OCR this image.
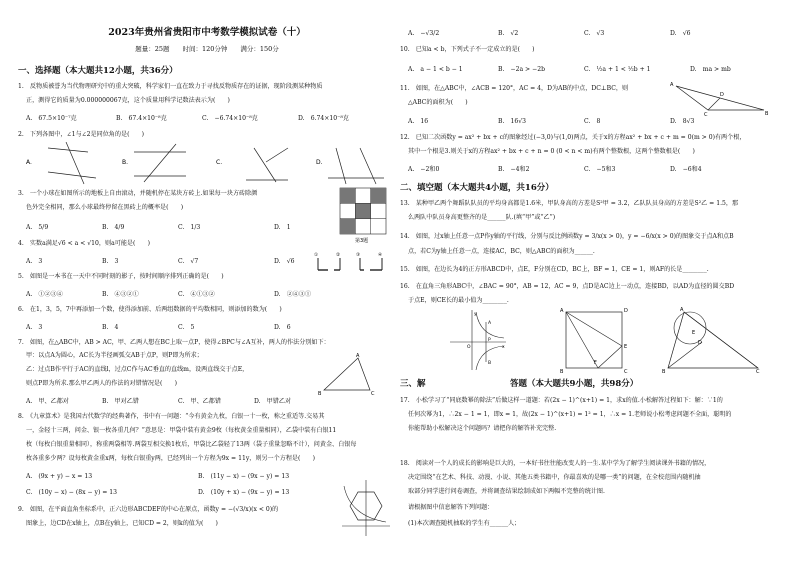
2023年贵州省贵阳市中考数学模拟试卷（十）
题量：25题　　时间：120分钟　　满分：150分
一、选择题（本大题共12小题，共36分）
1.　反物质被誉为当代物理研究中的重大突破，科学家们一直在致力于寻找反物质存在的证据，现阶段测某种物质
正，测得它的质量为0.000000067克，这个质量用科学记数法表示为(　　)
A.　67.5×10⁻⁷克	B.　67.4×10⁻⁸克	C.　−6.74×10⁻⁸克	D.　6.74×10⁻⁸克
2.　下列各图中，∠1与∠2是同位角的是(　　)
A.	B.	C.	D.
3.　一个小球在如图所示的地板上自由滚动，并随机停在某块方砖上.如果每一块方砖除颜
色外完全相同，那么小球最终停留在黑砖上的概率是(　　)
A.　5/9	B.　4/9	C.　1/3	D.　1
第3题
4.　实数a满足√6 < a < √10，则a可能是(　　)
A.　3	B.　3	C.　√7	D.　√6
①	②	③	④
5.　如图是一本书在一天中不同时刻的影子，按时间顺序排列正确的是(　　)
A.　①②③④	B.　④③②①	C.　④①③②	D.　②④③①
6.　在1，3，5，7中再添加一个数，使得添加前、后两组数据的平均数相同，则添加的数为(　　)
A.　3	B.　4	C.　5	D.　6
7.　如图，在△ABC中，AB > AC，甲、乙两人想在BC上取一点P，使得∠BPC与∠A互补，两人的作法分别如下：
甲：以点A为圆心，AC长为半径画弧交AB于点P，则P即为所求；
乙：过点B作平行于AC的直线l，过点C作与AC垂直的直线m，设两直线交于点E，
则点P即为所求.那么甲乙两人的作法的对错情况是(　　)
A.　甲、乙都对	B.　甲对乙错	C.　甲、乙都错	D.　甲错乙对
A
B	C
8.　《九章算术》是我国古代数学的经典著作，书中有一问题：“今有黄金九枚，白银一十一枚，称之重适等.交易其
一，金轻十三两，问金、银一枚各重几何？”意思是：甲袋中装有黄金9枚（每枚黄金重量相同），乙袋中装有白银11
枚（每枚白银重量相同），称重两袋相等.两袋互相交换1枚后，甲袋比乙袋轻了13两（袋子重量忽略不计），问黄金、白银每
枚各重多少两？设每枚黄金重x两，每枚白银重y两，已经列出一个方程为9x = 11y，则另一个方程是(　　)
A.　(9x + y) − x = 13	B.　(11y − x) − (9x − y) = 13
C.　(10y − x) − (8x − y) = 13	D.　(10y + x) − (9x − y) = 13
9.　如图，在平面直角坐标系中，正六边形ABCDEF的中心在原点，函数y = −(√3/x)(x < 0)的
图象上，边CD在x轴上，点B在y轴上，已知CD = 2，则k的值为(　　)
A.　−√3/2	B.　√2	C.　√3	D.　√6
10.　已知a < b，下列式子不一定成立的是(　　)
A.　a − 1 < b − 1	B.　−2a > −2b	C.　½a + 1 < ½b + 1	D.　ma > mb
11.　如图，在△ABC中，∠ACB = 120°，AC = 4，D为AB的中点，DC⊥BC，则
△ABC的面积为(　　)
A.　16	B.　16√3	C.　8	D.　8√3
A
B
C
D
12.　已知二次函数y = ax² + bx + c的图象经过(−3,0)与(1,0)两点，关于x的方程ax² + bx + c + m = 0(m > 0)有两个根，
其中一个根是3.则关于x的方程ax² + bx + c + n = 0 (0 < n < m)有两个整数根，这两个整数根是(　　)
A.　−2和0	B.　−4和2	C.　−5和3	D.　−6和4
二、填空题（本大题共4小题，共16分）
13.　某种甲乙两个舞蹈队队员的平均身高都是1.6米，甲队身高的方差是S²甲 = 3.2，乙队队员身高的方差是S²乙 = 1.5，那
么两队中队员身高更整齐的是______队.(填“甲”或“乙”)
14.　如图，过x轴上任意一点P作y轴的平行线，分别与反比例函数y = 3/x(x > 0)，y = −6/x(x > 0)的图象交于点A和点B
点，若C为y轴上任意一点，连接AC，BC，则△ABC的面积为______.
15.　如图，在边长为4的正方形ABCD中，点E，F分别在CD，BC上，BF = 1，CE = 1，则AF的长是________.
16.　在直角三角形ABC中，∠BAC = 90°，AB = 12，AC = 9，点D是AC边上一动点，连接BD，以AD为直径的圆交BD
于点E，则CE长的最小值为________.
y
x
O
A
B
P
A	D
E
F
B	C
A
D
E
B	C
三、解	答题（本大题共9小题，共98分）
17.　小松学习了“同底数幂的除法”后做这样一道题：若(2x − 1)^(x+1) = 1，求x的值.小松解答过程如下：解：∵1的
任何次幂为1，∴2x − 1 = 1，即x = 1，故(2x − 1)^(x+1) = 1² = 1，∴x = 1.老师说小松考虑问题不全面，聪明的
你能帮助小松解决这个问题吗？请把你的解答补充完整.
18.　阅读对一个人的成长的影响是巨大的，一本好书往往能改变人的一生.某中学为了解学生阅读课外书籍的情况，
决定围绕“在艺术、科技、动漫、小说、其他五类书籍中，你最喜欢的是哪一类”的问题，在全校范围内随机抽
取部分同学进行问卷调查，并将调查结果绘制成如下两幅不完整的统计图.
请根据图中信息解答下列问题：
(1)本次调查随机抽取的学生有______人；
